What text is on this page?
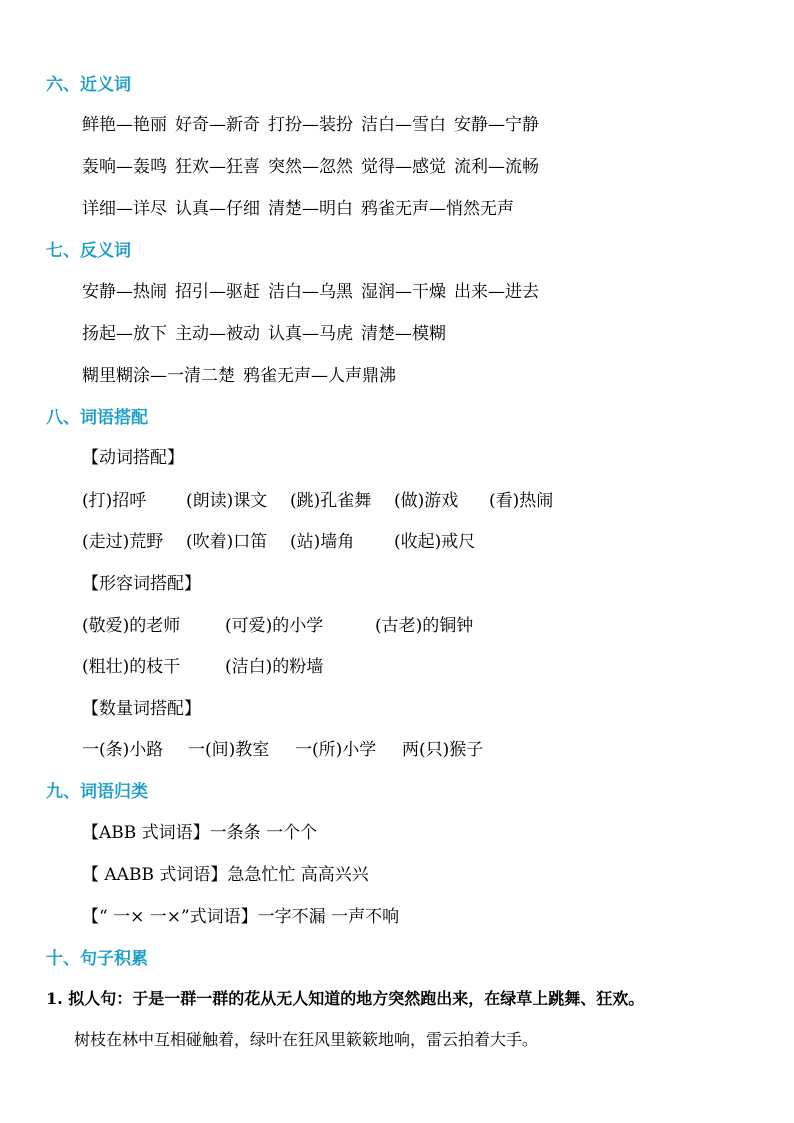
六、近义词
鲜艳—艳丽 好奇—新奇 打扮—装扮 洁白—雪白 安静—宁静
轰响—轰鸣 狂欢—狂喜 突然—忽然 觉得—感觉 流利—流畅
详细—详尽 认真—仔细 清楚—明白 鸦雀无声—悄然无声
七、反义词
安静—热闹 招引—驱赶 洁白—乌黑 湿润—干燥 出来—进去
扬起—放下 主动—被动 认真—马虎 清楚—模糊
糊里糊涂—一清二楚 鸦雀无声—人声鼎沸
八、词语搭配
【动词搭配】
(打)招呼 (朗读)课文 (跳)孔雀舞 (做)游戏 (看)热闹
(走过)荒野 (吹着)口笛 (站)墙角 (收起)戒尺
【形容词搭配】
(敬爱)的老师	(可爱)的小学	(古老)的铜钟
(粗壮)的枝干	(洁白)的粉墙
【数量词搭配】
一(条)小路 一(间)教室 一(所)小学 两(只)猴子
九、词语归类
【ABB 式词语】一条条 一个个
【 AABB 式词语】急急忙忙 高高兴兴
【“ 一× 一×”式词语】一字不漏 一声不响
十、句子积累
1. 拟人句：于是一群一群的花从无人知道的地方突然跑出来，在绿草上跳舞、狂欢。
树枝在林中互相碰触着，绿叶在狂风里簌簌地响，雷云拍着大手。
